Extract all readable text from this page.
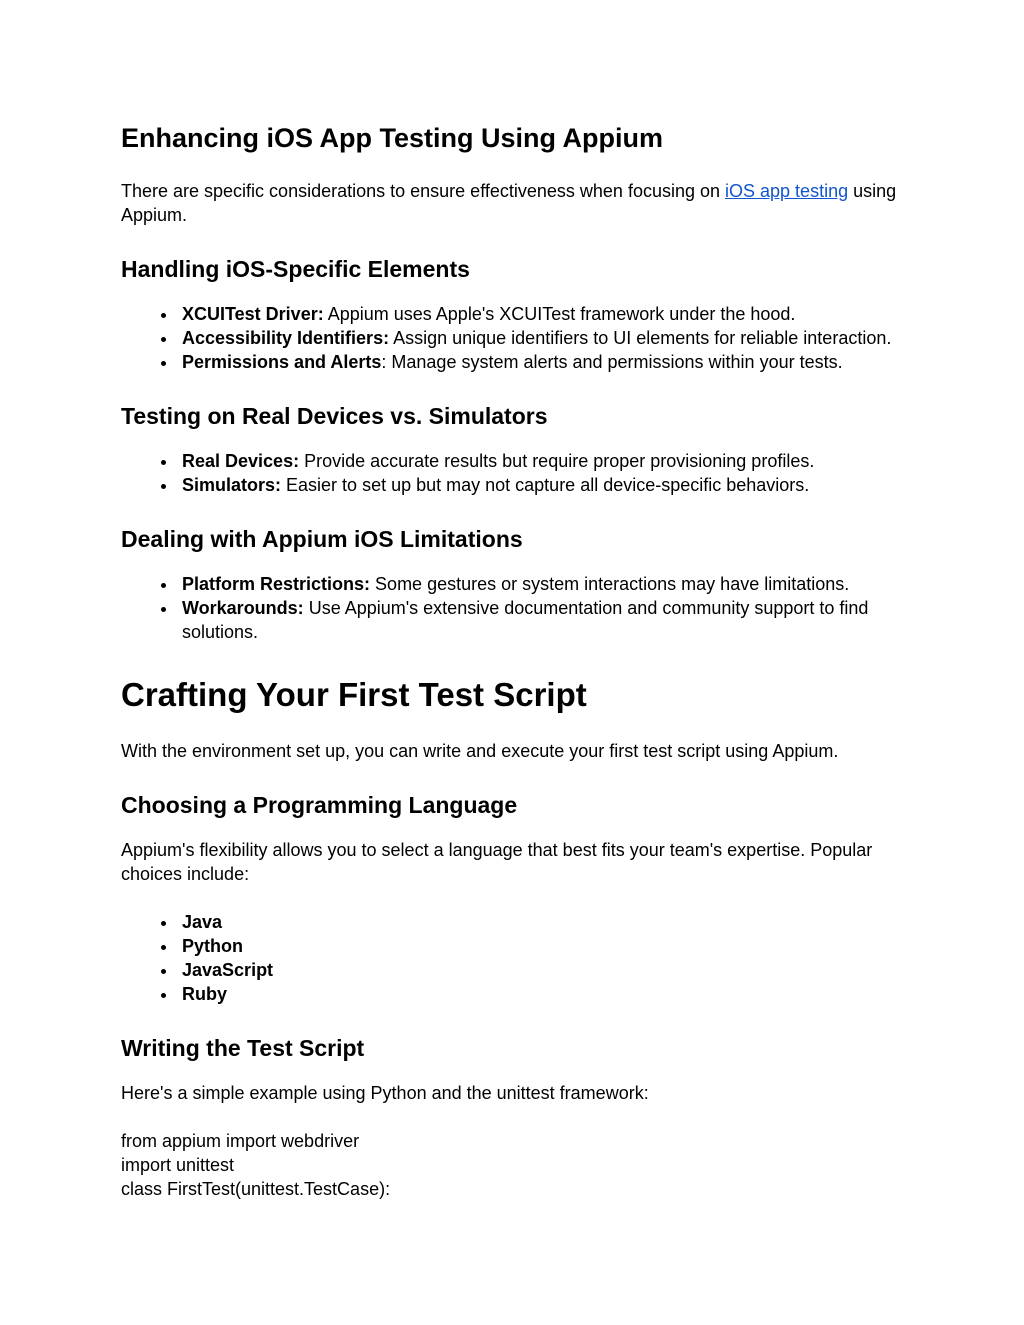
Enhancing iOS App Testing Using Appium

There are specific considerations to ensure effectiveness when focusing on iOS app testing using Appium.

Handling iOS-Specific Elements
• XCUITest Driver: Appium uses Apple's XCUITest framework under the hood.
• Accessibility Identifiers: Assign unique identifiers to UI elements for reliable interaction.
• Permissions and Alerts: Manage system alerts and permissions within your tests.
Testing on Real Devices vs. Simulators
• Real Devices: Provide accurate results but require proper provisioning profiles.
• Simulators: Easier to set up but may not capture all device-specific behaviors.
Dealing with Appium iOS Limitations
• Platform Restrictions: Some gestures or system interactions may have limitations.
• Workarounds: Use Appium's extensive documentation and community support to find solutions.
Crafting Your First Test Script

With the environment set up, you can write and execute your first test script using Appium.

Choosing a Programming Language

Appium's flexibility allows you to select a language that best fits your team's expertise. Popular choices include:

• Java
• Python
• JavaScript
• Ruby
Writing the Test Script

Here's a simple example using Python and the unittest framework:

from appium import webdriver

import unittest

class FirstTest(unittest.TestCase):
